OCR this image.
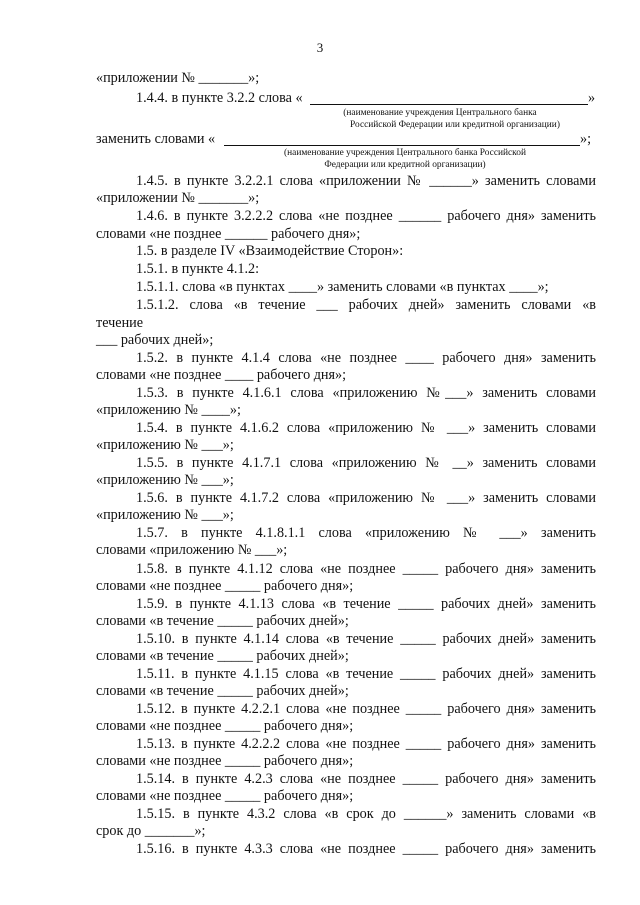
3
«приложении № _______»;
1.4.4. в пункте 3.2.2 слова «	»
(наименование учреждения Центрального банка
Российской Федерации или кредитной организации)
заменить словами «	»;
(наименование учреждения Центрального банка Российской
Федерации или кредитной организации)
1.4.5. в пункте 3.2.2.1 слова «приложении № ______» заменить словами
«приложении № _______»;
1.4.6. в пункте 3.2.2.2 слова «не позднее ______ рабочего дня» заменить
словами «не позднее ______ рабочего дня»;
1.5. в разделе IV «Взаимодействие Сторон»:
1.5.1. в пункте 4.1.2:
1.5.1.1. слова «в пунктах ____» заменить словами «в пунктах ____»;
1.5.1.2. слова «в течение ___ рабочих дней» заменить словами «в
течение
___ рабочих дней»;
1.5.2. в пункте 4.1.4 слова «не позднее ____ рабочего дня» заменить
словами «не позднее ____ рабочего дня»;
1.5.3. в пункте 4.1.6.1 слова «приложению №___» заменить словами
«приложению № ____»;
1.5.4. в пункте 4.1.6.2 слова «приложению № ___» заменить словами
«приложению № ___»;
1.5.5. в пункте 4.1.7.1 слова «приложению № __» заменить словами
«приложению № ___»;
1.5.6. в пункте 4.1.7.2 слова «приложению № ___» заменить словами
«приложению № ___»;
1.5.7. в пункте 4.1.8.1.1 слова «приложению № ___» заменить
словами «приложению № ___»;
1.5.8. в пункте 4.1.12 слова «не позднее _____ рабочего дня» заменить
словами «не позднее _____ рабочего дня»;
1.5.9. в пункте 4.1.13 слова «в течение _____ рабочих дней» заменить
словами «в течение _____ рабочих дней»;
1.5.10. в пункте 4.1.14 слова «в течение _____ рабочих дней» заменить
словами «в течение _____ рабочих дней»;
1.5.11. в пункте 4.1.15 слова «в течение _____ рабочих дней» заменить
словами «в течение _____ рабочих дней»;
1.5.12. в пункте 4.2.2.1 слова «не позднее _____ рабочего дня» заменить
словами «не позднее _____ рабочего дня»;
1.5.13. в пункте 4.2.2.2 слова «не позднее _____ рабочего дня» заменить
словами «не позднее _____ рабочего дня»;
1.5.14. в пункте 4.2.3 слова «не позднее _____ рабочего дня» заменить
словами «не позднее _____ рабочего дня»;
1.5.15. в пункте 4.3.2 слова «в срок до ______» заменить словами «в
срок до _______»;
1.5.16. в пункте 4.3.3 слова «не позднее _____ рабочего дня» заменить
